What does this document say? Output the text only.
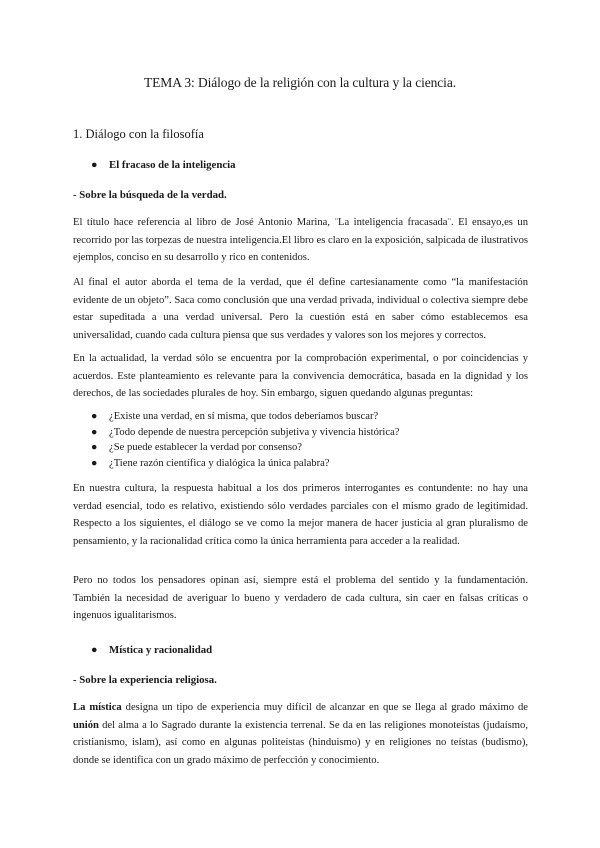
TEMA 3: Diálogo de la religión con la cultura y la ciencia.
1. Diálogo con la filosofía
● El fracaso de la inteligencia
- Sobre la búsqueda de la verdad.

El título hace referencia al libro de José Antonio Marina, ¨La inteligencia fracasada¨. El ensayo,es un recorrido por las torpezas de nuestra inteligencia.El libro es claro en la exposición, salpicada de ilustrativos ejemplos, conciso en su desarrollo y rico en contenidos.

Al final el autor aborda el tema de la verdad, que él define cartesianamente como “la manifestación evidente de un objeto”. Saca como conclusión que una verdad privada, individual o colectiva siempre debe estar supeditada a una verdad universal. Pero la cuestión está en saber cómo establecemos esa universalidad, cuando cada cultura piensa que sus verdades y valores son los mejores y correctos.

En la actualidad, la verdad sólo se encuentra por la comprobación experimental, o por coincidencias y acuerdos. Este planteamiento es relevante para la convivencia democrática, basada en la dignidad y los derechos, de las sociedades plurales de hoy. Sin embargo, siguen quedando algunas preguntas:

● ¿Existe una verdad, en sí misma, que todos deberíamos buscar?
● ¿Todo depende de nuestra percepción subjetiva y vivencia histórica?
● ¿Se puede establecer la verdad por consenso?
● ¿Tiene razón científica y dialógica la única palabra?

En nuestra cultura, la respuesta habitual a los dos primeros interrogantes es contundente: no hay una verdad esencial, todo es relativo, existiendo sólo verdades parciales con el mismo grado de legitimidad. Respecto a los siguientes, el diálogo se ve como la mejor manera de hacer justicia al gran pluralismo de pensamiento, y la racionalidad crítica como la única herramienta para acceder a la realidad.

Pero no todos los pensadores opinan así, siempre está el problema del sentido y la fundamentación. También la necesidad de averiguar lo bueno y verdadero de cada cultura, sin caer en falsas críticas o ingenuos igualitarismos.

● Mística y racionalidad
- Sobre la experiencia religiosa.

La mística designa un tipo de experiencia muy difícil de alcanzar en que se llega al grado máximo de unión del alma a lo Sagrado durante la existencia terrenal. Se da en las religiones monoteístas (judaísmo, cristianismo, islam), así como en algunas politeístas (hinduismo) y en religiones no teístas (budismo), donde se identifica con un grado máximo de perfección y conocimiento.
